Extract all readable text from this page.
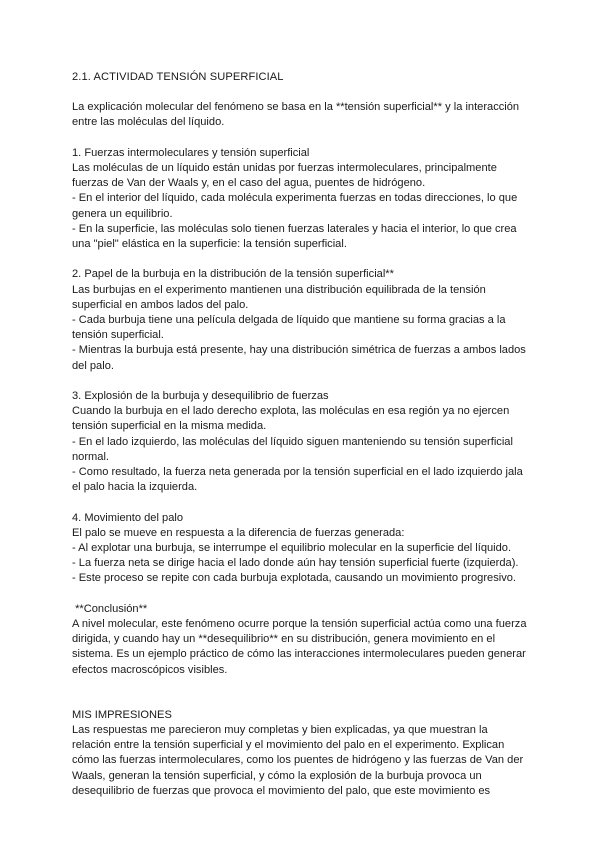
2.1. ACTIVIDAD TENSIÓN SUPERFICIAL

La explicación molecular del fenómeno se basa en la **tensión superficial** y la interacción
entre las moléculas del líquido.

1. Fuerzas intermoleculares y tensión superficial
Las moléculas de un líquido están unidas por fuerzas intermoleculares, principalmente
fuerzas de Van der Waals y, en el caso del agua, puentes de hidrógeno.
- En el interior del líquido, cada molécula experimenta fuerzas en todas direcciones, lo que
genera un equilibrio.
- En la superficie, las moléculas solo tienen fuerzas laterales y hacia el interior, lo que crea
una "piel" elástica en la superficie: la tensión superficial.
2. Papel de la burbuja en la distribución de la tensión superficial**
Las burbujas en el experimento mantienen una distribución equilibrada de la tensión
superficial en ambos lados del palo.
- Cada burbuja tiene una película delgada de líquido que mantiene su forma gracias a la
tensión superficial.
- Mientras la burbuja está presente, hay una distribución simétrica de fuerzas a ambos lados
del palo.
3. Explosión de la burbuja y desequilibrio de fuerzas
Cuando la burbuja en el lado derecho explota, las moléculas en esa región ya no ejercen
tensión superficial en la misma medida.
- En el lado izquierdo, las moléculas del líquido siguen manteniendo su tensión superficial
normal.
- Como resultado, la fuerza neta generada por la tensión superficial en el lado izquierdo jala
el palo hacia la izquierda.
4. Movimiento del palo
El palo se mueve en respuesta a la diferencia de fuerzas generada:
- Al explotar una burbuja, se interrumpe el equilibrio molecular en la superficie del líquido.
- La fuerza neta se dirige hacia el lado donde aún hay tensión superficial fuerte (izquierda).
- Este proceso se repite con cada burbuja explotada, causando un movimiento progresivo.
**Conclusión**
A nivel molecular, este fenómeno ocurre porque la tensión superficial actúa como una fuerza
dirigida, y cuando hay un **desequilibrio** en su distribución, genera movimiento en el
sistema. Es un ejemplo práctico de cómo las interacciones intermoleculares pueden generar
efectos macroscópicos visibles.
MIS IMPRESIONES
Las respuestas me parecieron muy completas y bien explicadas, ya que muestran la
relación entre la tensión superficial y el movimiento del palo en el experimento. Explican
cómo las fuerzas intermoleculares, como los puentes de hidrógeno y las fuerzas de Van der
Waals, generan la tensión superficial, y cómo la explosión de la burbuja provoca un
desequilibrio de fuerzas que provoca el movimiento del palo, que este movimiento es
